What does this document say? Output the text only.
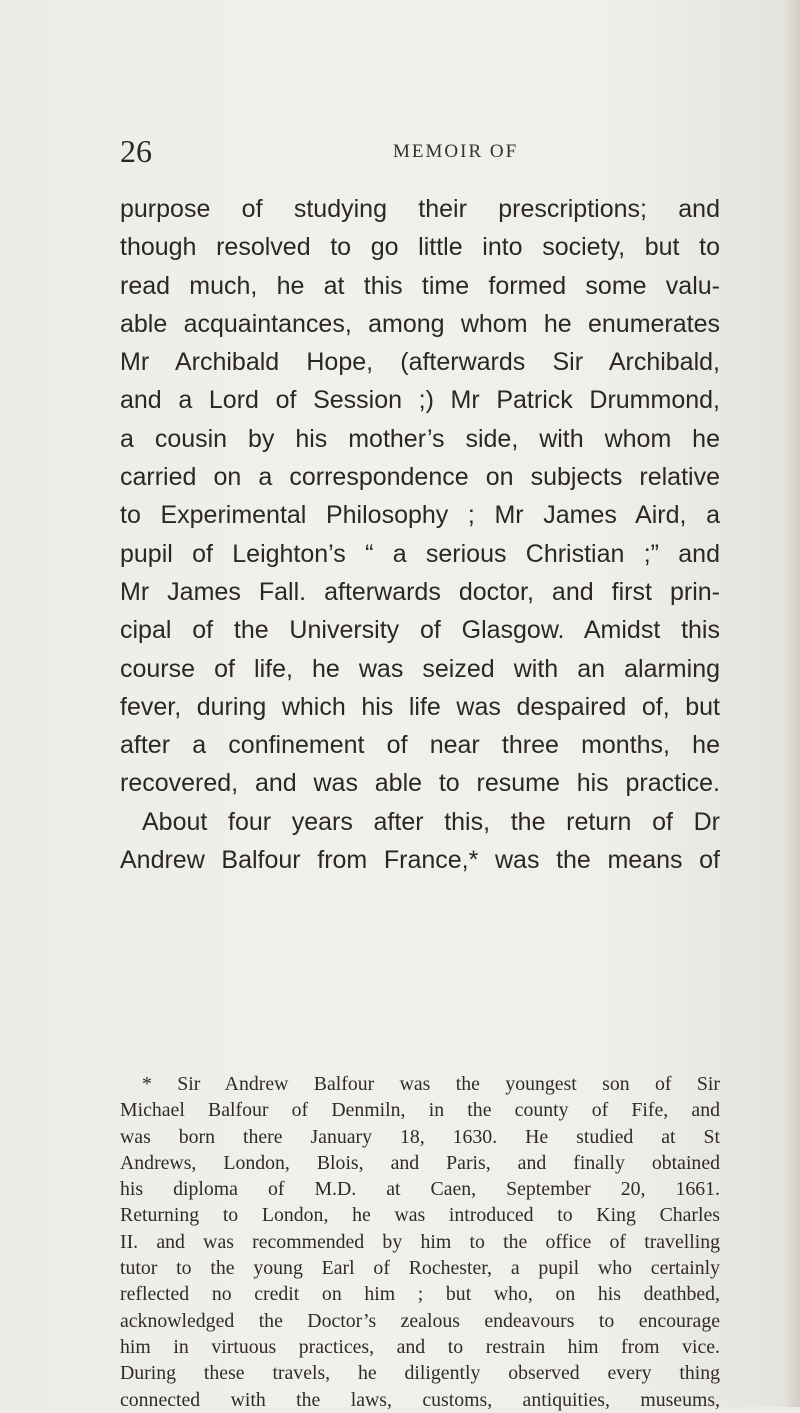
26	MEMOIR OF
purpose of studying their prescriptions; and
though resolved to go little into society, but to
read much, he at this time formed some valu-
able acquaintances, among whom he enumerates
Mr Archibald Hope, (afterwards Sir Archibald,
and a Lord of Session ;) Mr Patrick Drummond,
a cousin by his mother’s side, with whom he
carried on a correspondence on subjects relative
to Experimental Philosophy ; Mr James Aird, a
pupil of Leighton’s “ a serious Christian ;” and
Mr James Fall. afterwards doctor, and first prin-
cipal of the University of Glasgow. Amidst this
course of life, he was seized with an alarming
fever, during which his life was despaired of, but
after a confinement of near three months, he
recovered, and was able to resume his practice.
About four years after this, the return of Dr
Andrew Balfour from France,* was the means of
* Sir Andrew Balfour was the youngest son of Sir
Michael Balfour of Denmiln, in the county of Fife, and
was born there January 18, 1630. He studied at St
Andrews, London, Blois, and Paris, and finally obtained
his diploma of M.D. at Caen, September 20, 1661.
Returning to London, he was introduced to King Charles
II. and was recommended by him to the office of travelling
tutor to the young Earl of Rochester, a pupil who certainly
reflected no credit on him ; but who, on his deathbed,
acknowledged the Doctor’s zealous endeavours to encourage
him in virtuous practices, and to restrain him from vice.
During these travels, he diligently observed every thing
connected with the laws, customs, antiquities, museums,
